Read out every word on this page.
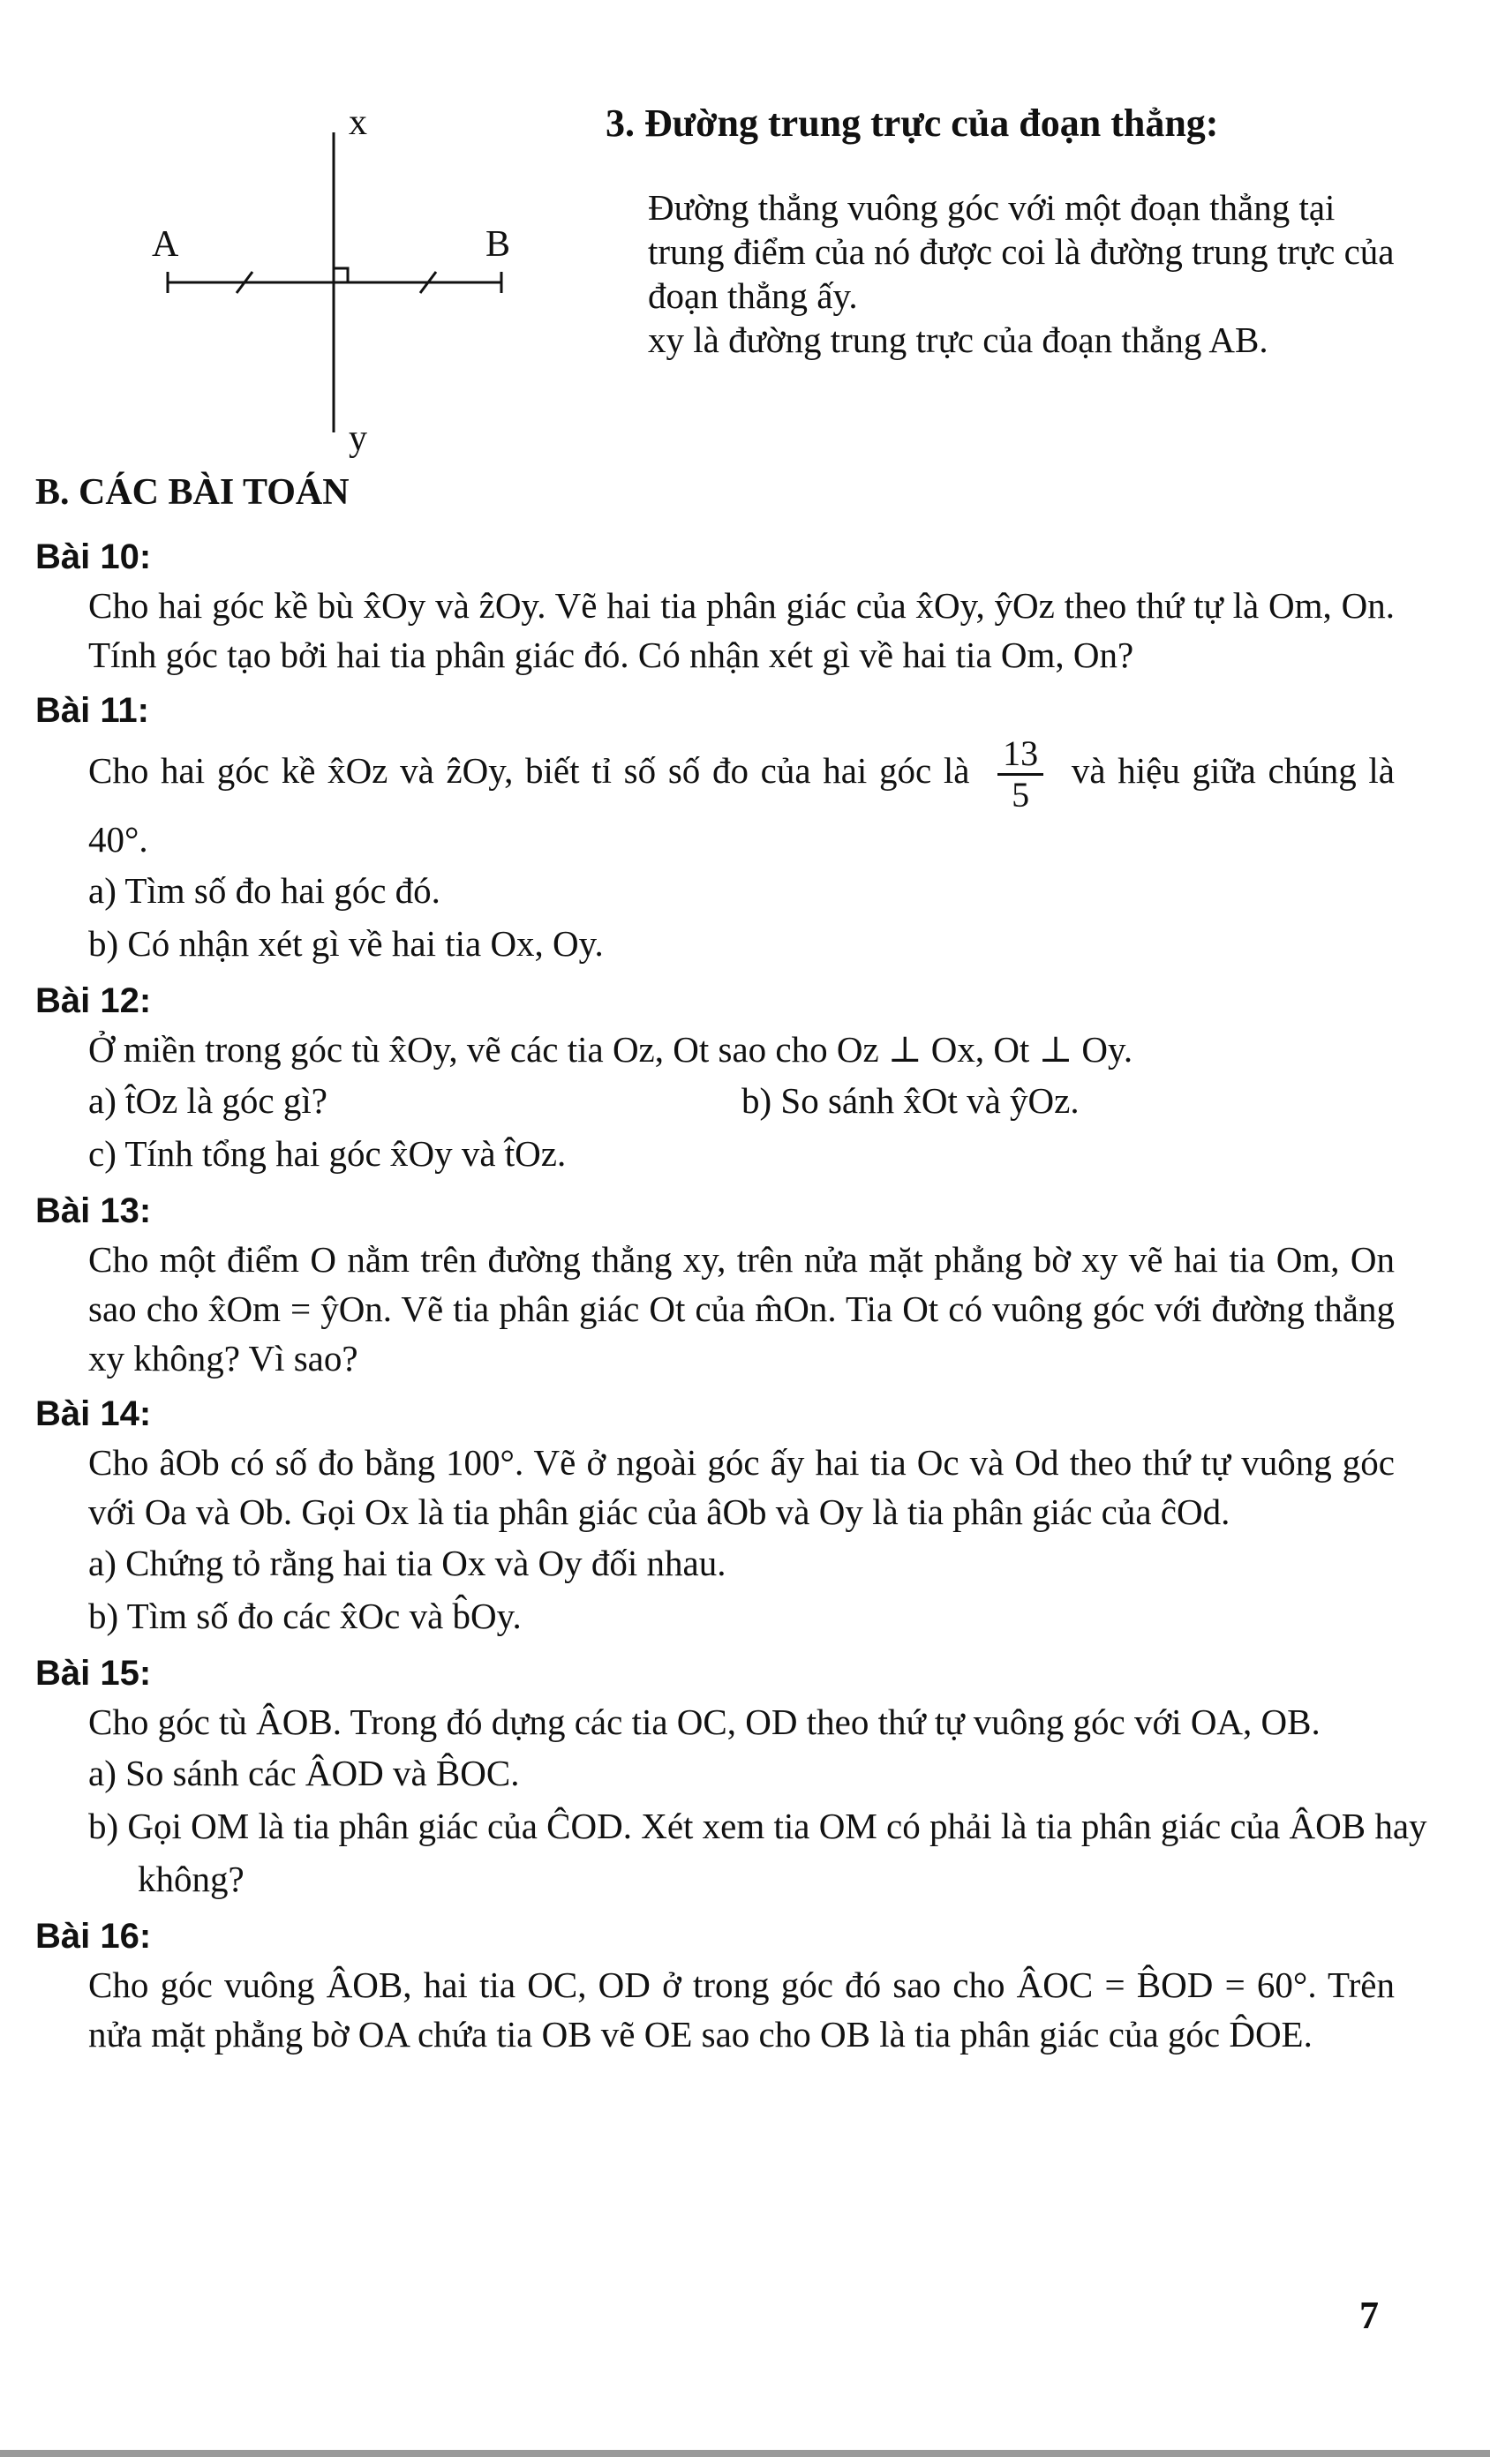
x
y
A	B
3. Đường trung trực của đoạn thẳng:
Đường thẳng vuông góc với một đoạn thẳng tại trung điểm của nó được coi là đường trung trực của đoạn thẳng ấy.
xy là đường trung trực của đoạn thẳng AB.
B. CÁC BÀI TOÁN
Bài 10:
Cho hai góc kề bù x̂Oy và ẑOy. Vẽ hai tia phân giác của x̂Oy, ŷOz theo thứ tự là Om, On. Tính góc tạo bởi hai tia phân giác đó. Có nhận xét gì về hai tia Om, On?
Bài 11:
Cho hai góc kề x̂Oz và ẑOy, biết tỉ số số đo của hai góc là $\frac{13}{5}$ và hiệu giữa chúng là 40°.
a) Tìm số đo hai góc đó.
b) Có nhận xét gì về hai tia Ox, Oy.
Bài 12:
Ở miền trong góc tù x̂Oy, vẽ các tia Oz, Ot sao cho Oz ⊥ Ox, Ot ⊥ Oy.
a) t̂Oz là góc gì?	b) So sánh x̂Ot và ŷOz.
c) Tính tổng hai góc x̂Oy và t̂Oz.
Bài 13:
Cho một điểm O nằm trên đường thẳng xy, trên nửa mặt phẳng bờ xy vẽ hai tia Om, On sao cho x̂Om = ŷOn. Vẽ tia phân giác Ot của m̂On. Tia Ot có vuông góc với đường thẳng xy không? Vì sao?
Bài 14:
Cho âOb có số đo bằng 100°. Vẽ ở ngoài góc ấy hai tia Oc và Od theo thứ tự vuông góc với Oa và Ob. Gọi Ox là tia phân giác của âOb và Oy là tia phân giác của ĉOd.
a) Chứng tỏ rằng hai tia Ox và Oy đối nhau.
b) Tìm số đo các x̂Oc và b̂Oy.
Bài 15:
Cho góc tù ÂOB. Trong đó dựng các tia OC, OD theo thứ tự vuông góc với OA, OB.
a) So sánh các ÂOD và B̂OC.
b) Gọi OM là tia phân giác của ĈOD. Xét xem tia OM có phải là tia phân giác của ÂOB hay không?
Bài 16:
Cho góc vuông ÂOB, hai tia OC, OD ở trong góc đó sao cho ÂOC = B̂OD = 60°. Trên nửa mặt phẳng bờ OA chứa tia OB vẽ OE sao cho OB là tia phân giác của góc D̂OE.
7
